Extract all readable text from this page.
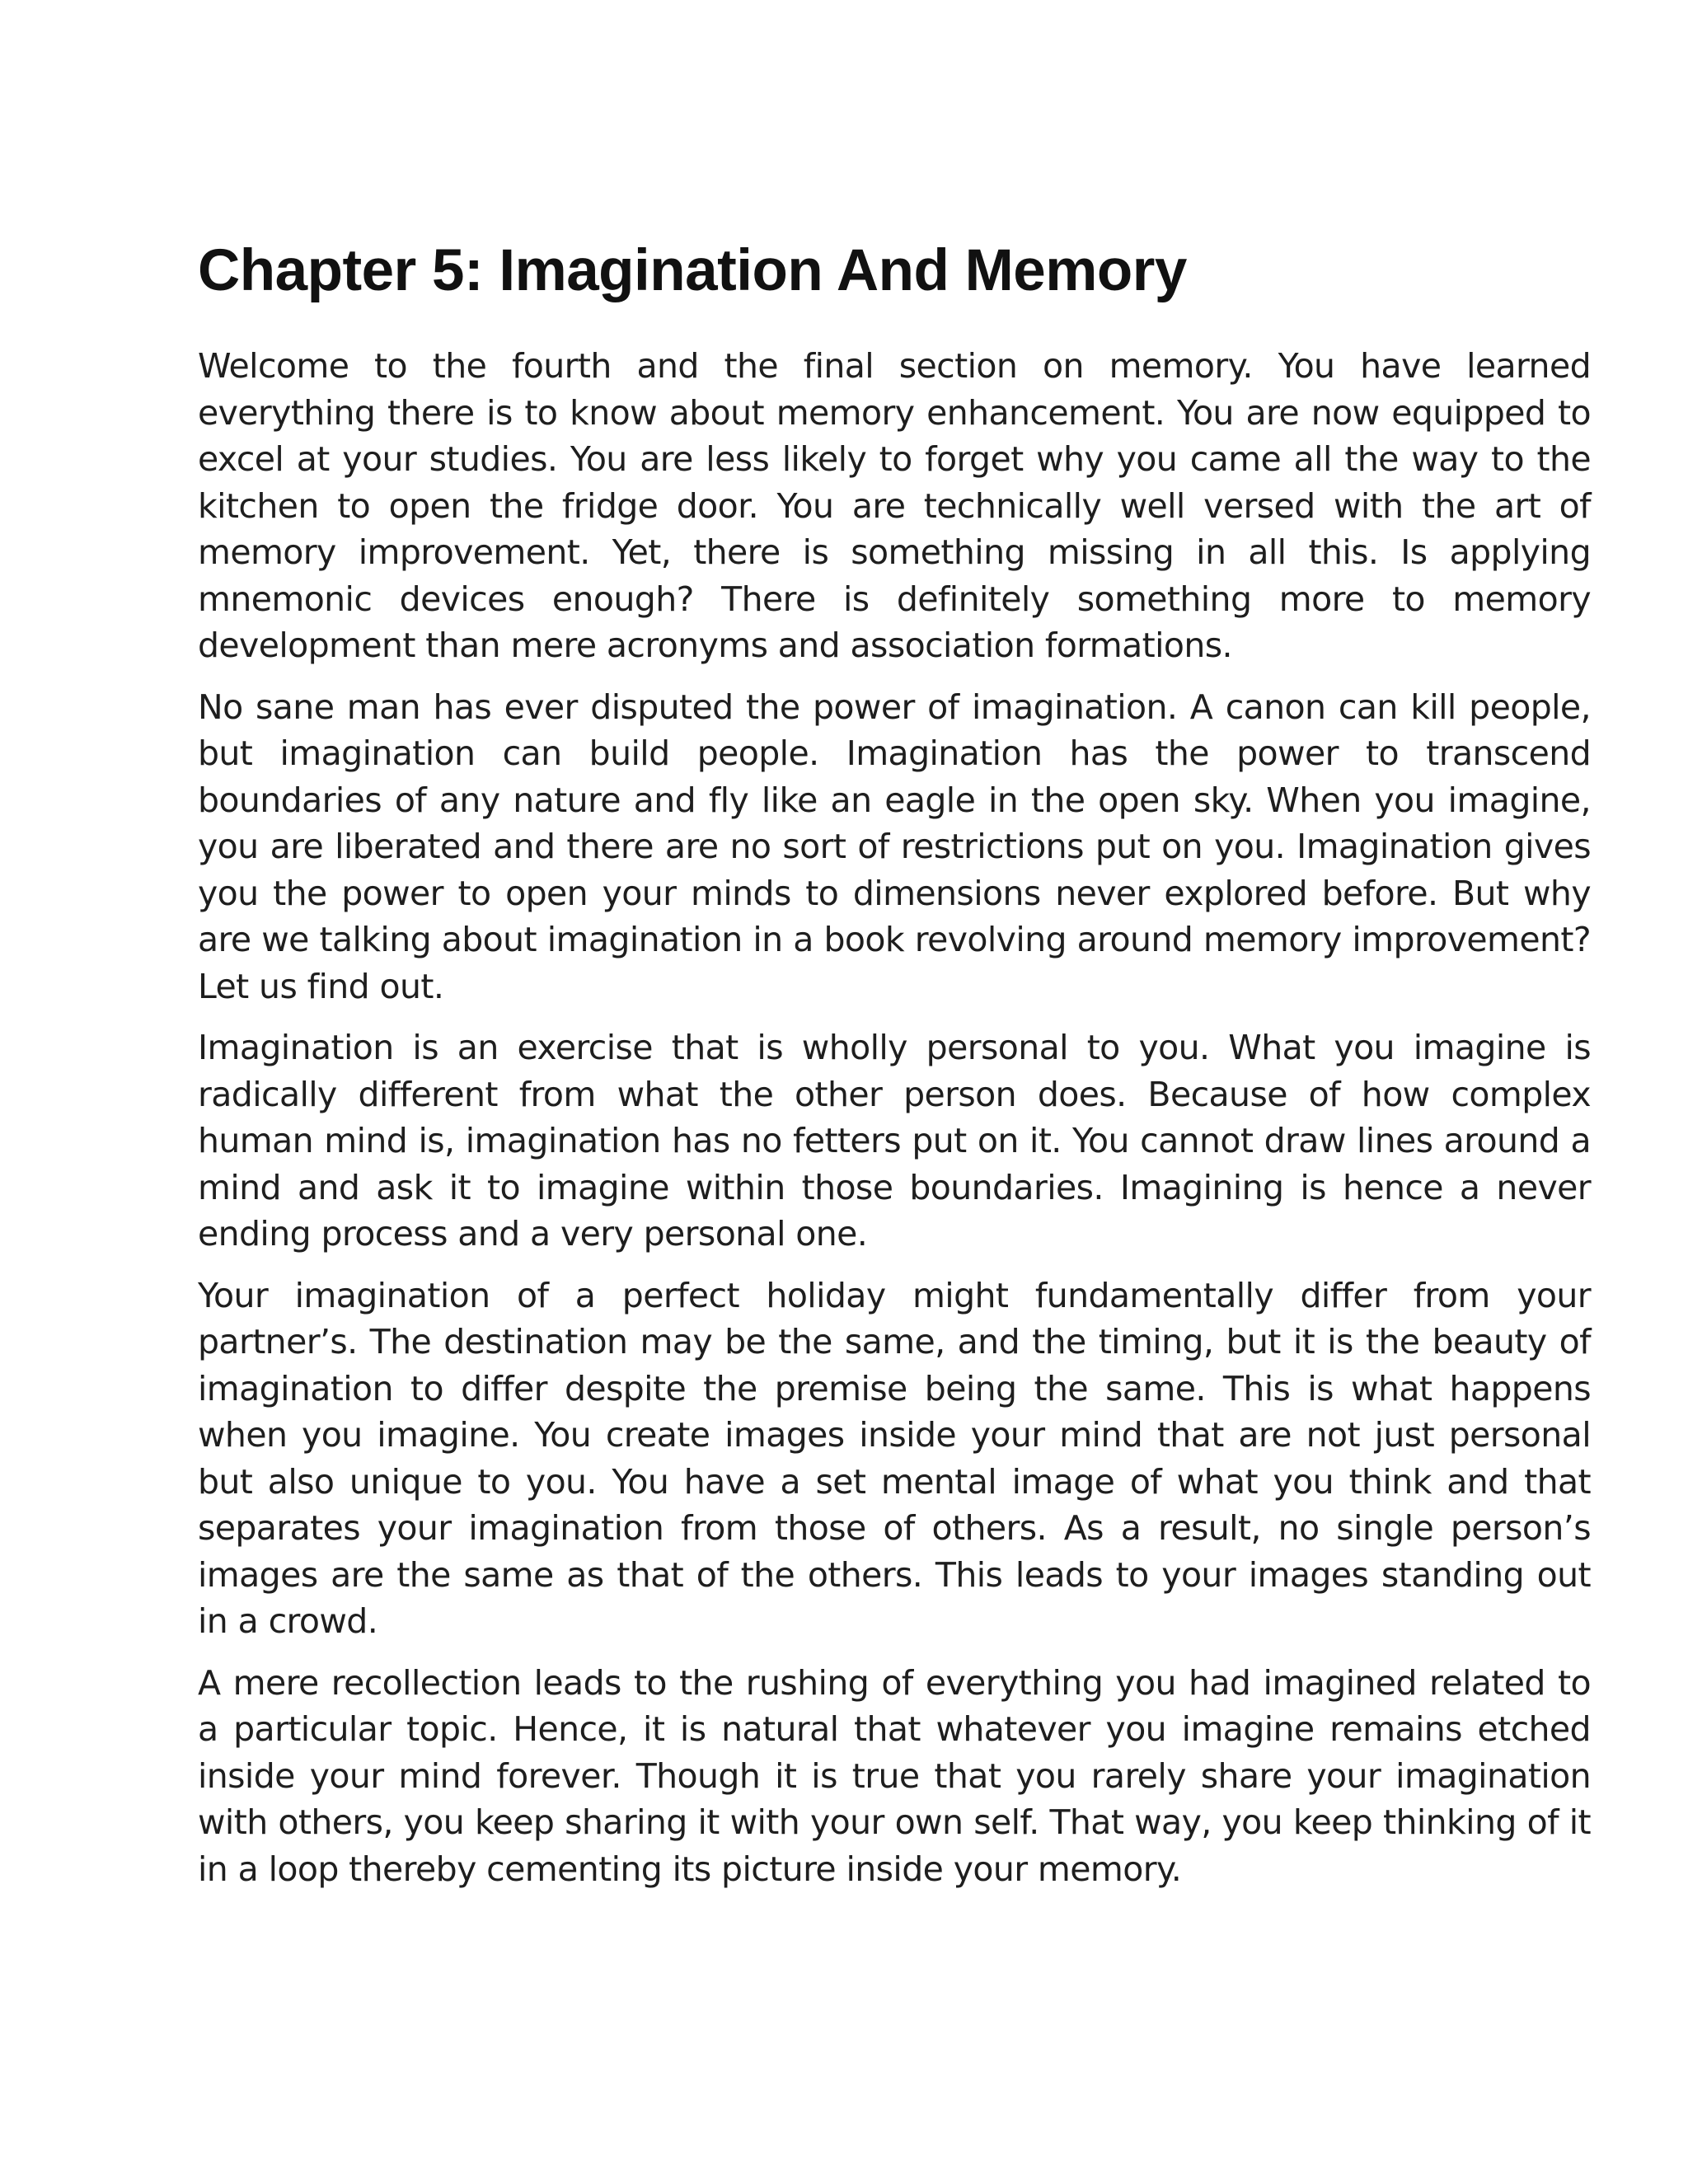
Chapter 5: Imagination And Memory

Welcome to the fourth and the final section on memory. You have learned everything there is to know about memory enhancement. You are now equipped to excel at your studies. You are less likely to forget why you came all the way to the kitchen to open the fridge door. You are technically well versed with the art of memory improvement. Yet, there is something missing in all this. Is applying mnemonic devices enough? There is definitely something more to memory development than mere acronyms and association formations.

No sane man has ever disputed the power of imagination. A canon can kill people, but imagination can build people. Imagination has the power to transcend boundaries of any nature and fly like an eagle in the open sky. When you imagine, you are liberated and there are no sort of restrictions put on you. Imagination gives you the power to open your minds to dimensions never explored before. But why are we talking about imagination in a book revolving around memory improvement? Let us find out.

Imagination is an exercise that is wholly personal to you. What you imagine is radically different from what the other person does. Because of how complex human mind is, imagination has no fetters put on it. You cannot draw lines around a mind and ask it to imagine within those boundaries. Imagining is hence a never ending process and a very personal one.

Your imagination of a perfect holiday might fundamentally differ from your partner’s. The destination may be the same, and the timing, but it is the beauty of imagination to differ despite the premise being the same. This is what happens when you imagine. You create images inside your mind that are not just personal but also unique to you. You have a set mental image of what you think and that separates your imagination from those of others. As a result, no single person’s images are the same as that of the others. This leads to your images standing out in a crowd.

A mere recollection leads to the rushing of everything you had imagined related to a particular topic. Hence, it is natural that whatever you imagine remains etched inside your mind forever. Though it is true that you rarely share your imagination with others, you keep sharing it with your own self. That way, you keep thinking of it in a loop thereby cementing its picture inside your memory.
